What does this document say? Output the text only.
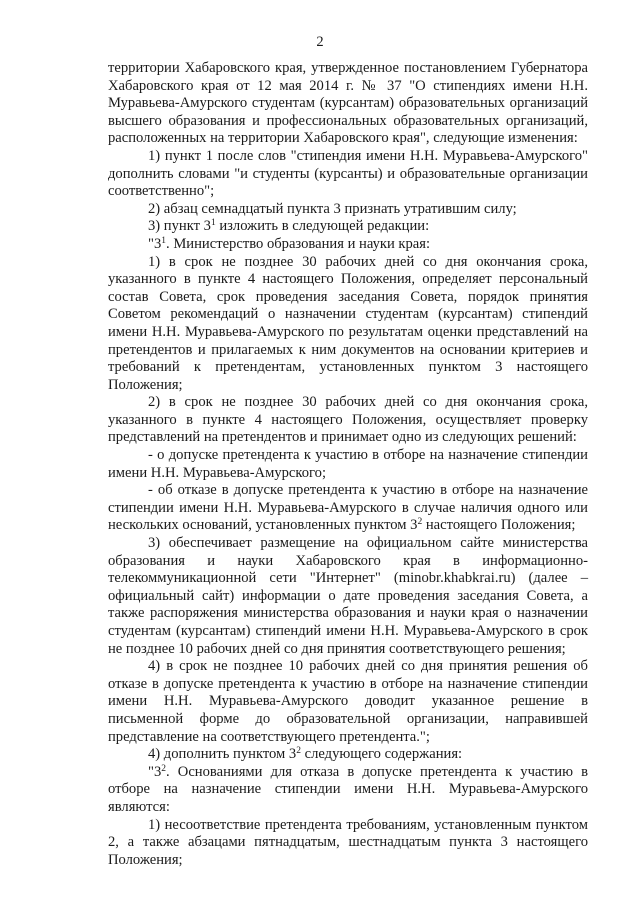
2

территории Хабаровского края, утвержденное постановлением Губернатора Хабаровского края от 12 мая 2014 г. № 37 "О стипендиях имени Н.Н. Муравьева-Амурского студентам (курсантам) образовательных организаций высшего образования и профессиональных образовательных организаций, расположенных на территории Хабаровского края", следующие изменения:

1) пункт 1 после слов "стипендия имени Н.Н. Муравьева-Амурского" дополнить словами "и студенты (курсанты) и образовательные организации соответственно";

2) абзац семнадцатый пункта 3 признать утратившим силу;

3) пункт $3^1$ изложить в следующей редакции:

"$3^1$. Министерство образования и науки края:

1) в срок не позднее 30 рабочих дней со дня окончания срока, указанного в пункте 4 настоящего Положения, определяет персональный состав Совета, срок проведения заседания Совета, порядок принятия Советом рекомендаций о назначении студентам (курсантам) стипендий имени Н.Н. Муравьева-Амурского по результатам оценки представлений на претендентов и прилагаемых к ним документов на основании критериев и требований к претендентам, установленных пунктом 3 настоящего Положения;

2) в срок не позднее 30 рабочих дней со дня окончания срока, указанного в пункте 4 настоящего Положения, осуществляет проверку представлений на претендентов и принимает одно из следующих решений:

- о допуске претендента к участию в отборе на назначение стипендии имени Н.Н. Муравьева-Амурского;

- об отказе в допуске претендента к участию в отборе на назначение стипендии имени Н.Н. Муравьева-Амурского в случае наличия одного или нескольких оснований, установленных пунктом $3^2$ настоящего Положения;

3) обеспечивает размещение на официальном сайте министерства образования и науки Хабаровского края в информационно-телекоммуникационной сети "Интернет" (minobr.khabkrai.ru) (далее – официальный сайт) информации о дате проведения заседания Совета, а также распоряжения министерства образования и науки края о назначении студентам (курсантам) стипендий имени Н.Н. Муравьева-Амурского в срок не позднее 10 рабочих дней со дня принятия соответствующего решения;

4) в срок не позднее 10 рабочих дней со дня принятия решения об отказе в допуске претендента к участию в отборе на назначение стипендии имени Н.Н. Муравьева-Амурского доводит указанное решение в письменной форме до образовательной организации, направившей представление на соответствующего претендента.";

4) дополнить пунктом $3^2$ следующего содержания:

"$3^2$. Основаниями для отказа в допуске претендента к участию в отборе на назначение стипендии имени Н.Н. Муравьева-Амурского являются:

1) несоответствие претендента требованиям, установленным пунктом 2, а также абзацами пятнадцатым, шестнадцатым пункта 3 настоящего Положения;
